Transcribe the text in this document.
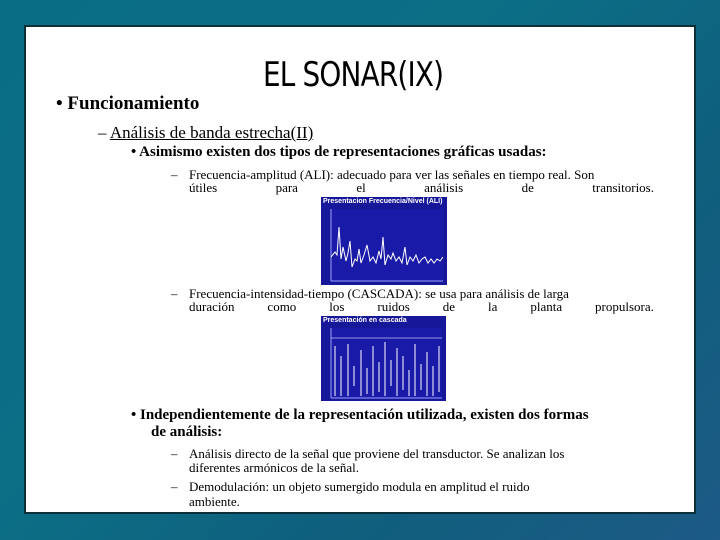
EL SONAR(IX)
• Funcionamiento
– Análisis de banda estrecha(II)
• Asimismo existen dos tipos de representaciones gráficas usadas:
– Frecuencia-amplitud (ALI): adecuado para ver las señales en tiempo real. Son
útiles	para	el	análisis	de	transitorios.
Presentacion Frecuencia/Nivel (ALI)
– Frecuencia-intensidad-tiempo (CASCADA): se usa para análisis de larga
duración	como	los	ruidos	de	la	planta	propulsora.
Presentación en cascada
• Independientemente de la representación utilizada, existen dos formas
de análisis:
– Análisis directo de la señal que proviene del transductor. Se analizan los
diferentes armónicos de la señal.
– Demodulación: un objeto sumergido modula en amplitud el ruido
ambiente.
